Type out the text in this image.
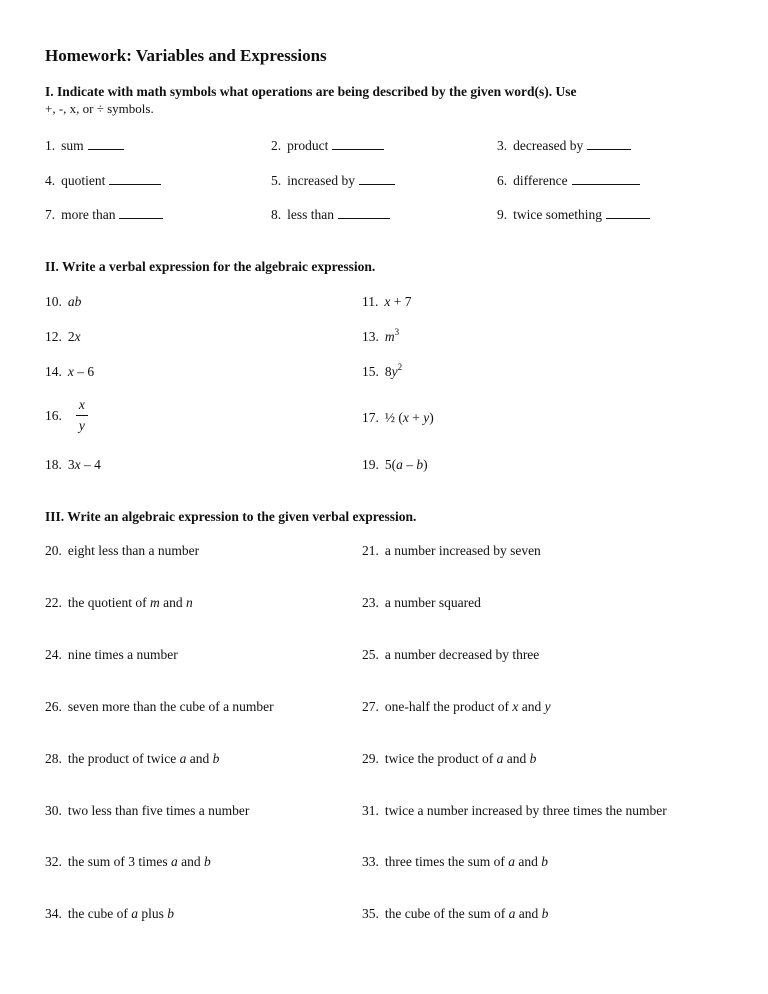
Homework: Variables and Expressions
I. Indicate with math symbols what operations are being described by the given word(s). Use
+, -, x, or ÷ symbols.
1. sum	2. product	3. decreased by
4. quotient	5. increased by	6. difference
7. more than	8. less than	9. twice something
II. Write a verbal expression for the algebraic expression.
10. ab	11. x + 7
12. 2x	13. $m^3$
14. x – 6	15. $8y^2$
16. $\frac{x}{y}$	17. ½ (x + y)
18. 3x – 4	19. 5(a – b)
III. Write an algebraic expression to the given verbal expression.
20. eight less than a number	21. a number increased by seven
22. the quotient of m and n	23. a number squared
24. nine times a number	25. a number decreased by three
26. seven more than the cube of a number	27. one-half the product of x and y
28. the product of twice a and b	29. twice the product of a and b
30. two less than five times a number	31. twice a number increased by three times the number
32. the sum of 3 times a and b	33. three times the sum of a and b
34. the cube of a plus b	35. the cube of the sum of a and b
